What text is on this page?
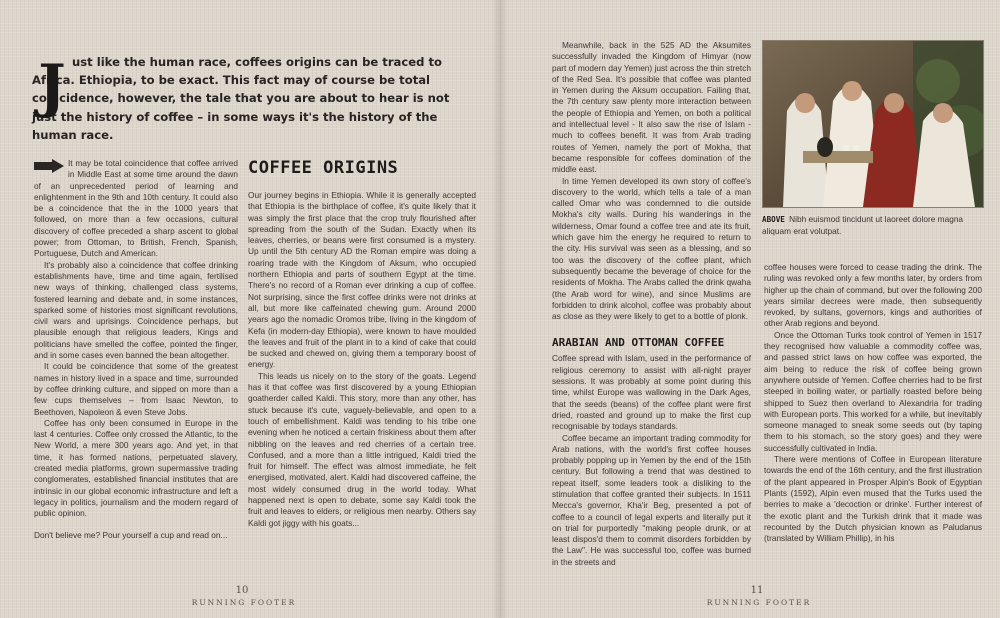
J ust like the human race, coffees origins can be traced to Africa. Ethiopia, to be exact. This fact may of course be total coincidence, however, the tale that you are about to hear is not just the history of coffee – in some ways it's the history of the human race.

It may be total coincidence that coffee arrived in Middle East at some time around the dawn of an unprecedented period of learning and enlightenment in the 9th and 10th century. It could also be a coincidence that the in the 1000 years that followed, on more than a few occasions, cultural discovery of coffee preceded a sharp ascent to global power; from Ottoman, to British, French, Spanish, Portuguese, Dutch and American.

It's probably also a coincidence that coffee drinking establishments have, time and time again, fertilised new ways of thinking, challenged class systems, fostered learning and debate and, in some instances, sparked some of histories most significant revolutions, civil wars and uprisings. Coincidence perhaps, but plausible enough that religious leaders, Kings and politicians have smelled the coffee, pointed the finger, and in some cases even banned the bean altogether.

It could be coincidence that some of the greatest names in history lived in a space and time, surrounded by coffee drinking culture, and sipped on more than a few cups themselves – from Isaac Newton, to Beethoven, Napoleon & even Steve Jobs.

Coffee has only been consumed in Europe in the last 4 centuries. Coffee only crossed the Atlantic, to the New World, a mere 300 years ago. And yet, in that time, it has formed nations, perpetuated slavery, created media platforms, grown supermassive trading conglomerates, established financial institutes that are intrinsic in our global economic infrastructure and left a legacy in politics, journalism and the modern regard of public opinion.

Don't believe me? Pour yourself a cup and read on...

COFFEE ORIGINS

Our journey begins in Ethiopia. While it is generally accepted that Ethiopia is the birthplace of coffee, it's quite likely that it was simply the first place that the crop truly flourished after spreading from the south of the Sudan. Exactly when its leaves, cherries, or beans were first consumed is a mystery. Up until the 5th century AD the Roman empire was doing a roaring trade with the Kingdom of Aksum, who occupied northern Ethiopia and parts of southern Egypt at the time. There's no record of a Roman ever drinking a cup of coffee. Not surprising, since the first coffee drinks were not drinks at all, but more like caffeinated chewing gum. Around 2000 years ago the nomadic Oromos tribe, living in the kingdom of Kefa (in modern-day Ethiopia), were known to have moulded the leaves and fruit of the plant in to a kind of cake that could be sucked and chewed on, giving them a temporary boost of energy.

This leads us nicely on to the story of the goats. Legend has it that coffee was first discovered by a young Ethiopian goatherder called Kaldi. This story, more than any other, has stuck because it's cute, vaguely-believable, and open to a touch of embellishment. Kaldi was tending to his tribe one evening when he noticed a certain friskiness about them after nibbling on the leaves and red cherries of a certain tree. Confused, and a more than a little intrigued, Kaldi tried the fruit for himself. The effect was almost immediate, he felt energised, motivated, alert. Kaldi had discovered caffeine, the most widely consumed drug in the world today. What happened next is open to debate, some say Kaldi took the fruit and leaves to elders, or religious men nearby. Others say Kaldi got jiggy with his goats...

Meanwhile, back in the 525 AD the Aksumites successfully invaded the Kingdom of Himyar (now part of modern day Yemen) just across the thin stretch of the Red Sea. It's possible that coffee was planted in Yemen during the Aksum occupation. Failing that, the 7th century saw plenty more interaction between the people of Ethiopia and Yemen, on both a political and intellectual level - It also saw the rise of Islam - much to coffees benefit. It was from Arab trading routes of Yemen, namely the port of Mokha, that became responsible for coffees domination of the middle east.

In time Yemen developed its own story of coffee's discovery to the world, which tells a tale of a man called Omar who was condemned to die outside Mokha's city walls. During his wanderings in the wilderness, Omar found a coffee tree and ate its fruit, which gave him the energy he required to return to the city. His survival was seen as a blessing, and so too was the discovery of the coffee plant, which subsequently became the beverage of choice for the residents of Mokha. The Arabs called the drink qwaha (the Arab word for wine), and since Muslims are forbidden to drink alcohol, coffee was probably about as close as they were likely to get to a bottle of plonk.

ARABIAN AND OTTOMAN COFFEE

Coffee spread with Islam, used in the performance of religious ceremony to assist with all-night prayer sessions. It was probably at some point during this time, whilst Europe was wallowing in the Dark Ages, that the seeds (beans) of the coffee plant were first dried, roasted and ground up to make the first cup recognisable by todays standards.

Coffee became an important trading commodity for Arab nations, with the world's first coffee houses probably popping up in Yemen by the end of the 15th century. But following a trend that was destined to repeat itself, some leaders took a disliking to the stimulation that coffee granted their subjects. In 1511 Mecca's governor, Kha'ir Beg, presented a pot of coffee to a council of legal experts and literally put it on trial for purportedly "making people drunk, or at least dispos'd them to commit disorders forbidden by the Law". He was successful too, coffee was burned in the streets and

ABOVE Nibh euismod tincidunt ut laoreet dolore magna aliquam erat volutpat.

coffee houses were forced to cease trading the drink. The ruling was revoked only a few months later, by orders from higher up the chain of command, but over the following 200 years similar decrees were made, then subsequently revoked, by sultans, governors, kings and authorities of other Arab regions and beyond.

Once the Ottoman Turks took control of Yemen in 1517 they recognised how valuable a commodity coffee was, and passed strict laws on how coffee was exported, the aim being to reduce the risk of coffee being grown anywhere outside of Yemen. Coffee cherries had to be first steeped in boiling water, or partially roasted before being shipped to Suez then overland to Alexandria for trading with European ports. This worked for a while, but inevitably someone managed to sneak some seeds out (by taping them to his stomach, so the story goes) and they were successfully cultivated in India.

There were mentions of Coffee in European literature towards the end of the 16th century, and the first illustration of the plant appeared in Prosper Alpin's Book of Egyptian Plants (1592), Alpin even mused that the Turks used the berries to make a 'decoction or drinke'. Further interest of the exotic plant and the Turkish drink that it made was recounted by the Dutch physician known as Paludanus (translated by William Phillip), in his

10
RUNNING FOOTER
11
RUNNING FOOTER
